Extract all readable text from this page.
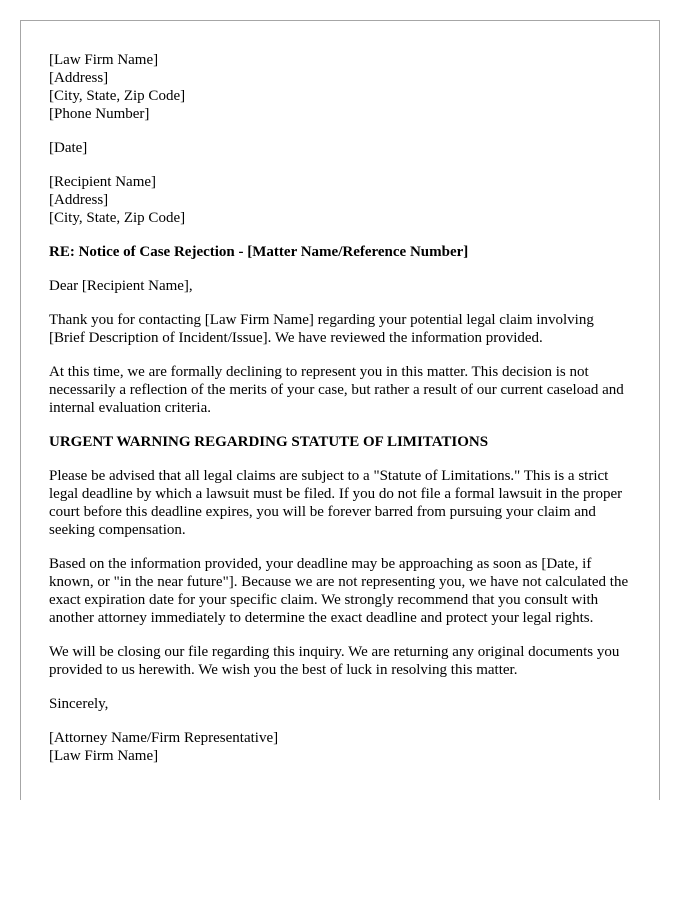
[Law Firm Name]
[Address]
[City, State, Zip Code]
[Phone Number]
[Date]
[Recipient Name]
[Address]
[City, State, Zip Code]

RE: Notice of Case Rejection - [Matter Name/Reference Number]

Dear [Recipient Name],

Thank you for contacting [Law Firm Name] regarding your potential legal claim involving [Brief Description of Incident/Issue]. We have reviewed the information provided.

At this time, we are formally declining to represent you in this matter. This decision is not necessarily a reflection of the merits of your case, but rather a result of our current caseload and internal evaluation criteria.

URGENT WARNING REGARDING STATUTE OF LIMITATIONS

Please be advised that all legal claims are subject to a "Statute of Limitations." This is a strict legal deadline by which a lawsuit must be filed. If you do not file a formal lawsuit in the proper court before this deadline expires, you will be forever barred from pursuing your claim and seeking compensation.

Based on the information provided, your deadline may be approaching as soon as [Date, if known, or "in the near future"]. Because we are not representing you, we have not calculated the exact expiration date for your specific claim. We strongly recommend that you consult with another attorney immediately to determine the exact deadline and protect your legal rights.

We will be closing our file regarding this inquiry. We are returning any original documents you provided to us herewith. We wish you the best of luck in resolving this matter.

Sincerely,

[Attorney Name/Firm Representative]
[Law Firm Name]
